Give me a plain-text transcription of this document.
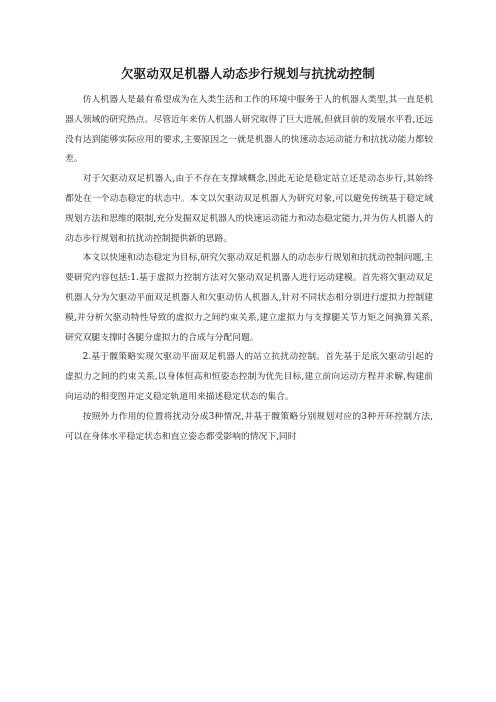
欠驱动双足机器人动态步行规划与抗扰动控制

仿人机器人是最有希望成为在人类生活和工作的环境中服务于人的机器人类型,其一直是机器人领域的研究热点。尽管近年来仿人机器人研究取得了巨大进展,但就目前的发展水平看,还远没有达到能够实际应用的要求,主要原因之一就是机器人的快速动态运动能力和抗扰动能力都较差。

对于欠驱动双足机器人,由于不存在支撑域概念,因此无论是稳定站立还是动态步行,其始终都处在一个动态稳定的状态中。本文以欠驱动双足机器人为研究对象,可以避免传统基于稳定域规划方法和思维的限制,充分发掘双足机器人的快速运动能力和动态稳定能力,并为仿人机器人的动态步行规划和抗扰动控制提供新的思路。

本文以快速和动态稳定为目标,研究欠驱动双足机器人的动态步行规划和抗扰动控制问题,主要研究内容包括:1.基于虚拟力控制方法对欠驱动双足机器人进行运动建模。首先将欠驱动双足机器人分为欠驱动平面双足机器人和欠驱动仿人机器人,针对不同状态相分别进行虚拟力控制建模,并分析欠驱动特性导致的虚拟力之间约束关系,建立虚拟力与支撑腿关节力矩之间换算关系,研究双腿支撑时各腿分虚拟力的合成与分配问题。

2.基于髋策略实现欠驱动平面双足机器人的站立抗扰动控制。首先基于足底欠驱动引起的虚拟力之间的约束关系,以身体恒高和恒姿态控制为优先目标,建立前向运动方程并求解,构建前向运动的相变图并定义稳定轨道用来描述稳定状态的集合。

按照外力作用的位置将扰动分成3种情况,并基于髋策略分别规划对应的3种开环控制方法,可以在身体水平稳定状态和直立姿态都受影响的情况下,同时
